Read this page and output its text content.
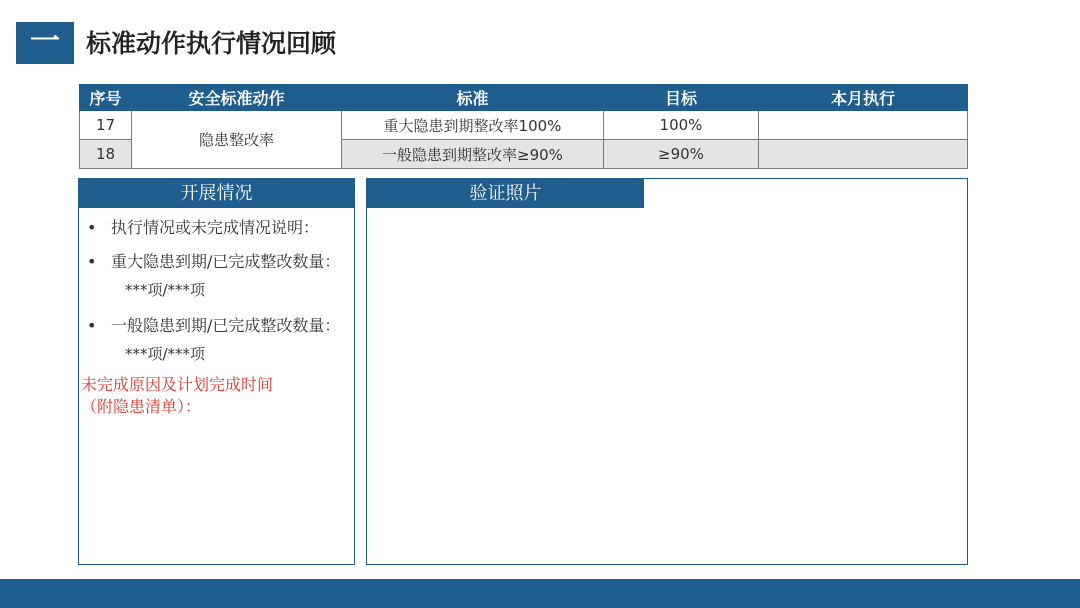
一	标准动作执行情况回顾
序号	安全标准动作	标准	目标	本月执行
17	隐患整改率	重大隐患到期整改率100%	100%	
18		一般隐患到期整改率≥90%	≥90%	
开展情况
• 执行情况或未完成情况说明：
• 重大隐患到期/已完成整改数量：
***项/***项
• 一般隐患到期/已完成整改数量：
***项/***项
未完成原因及计划完成时间
（附隐患清单）：
验证照片
